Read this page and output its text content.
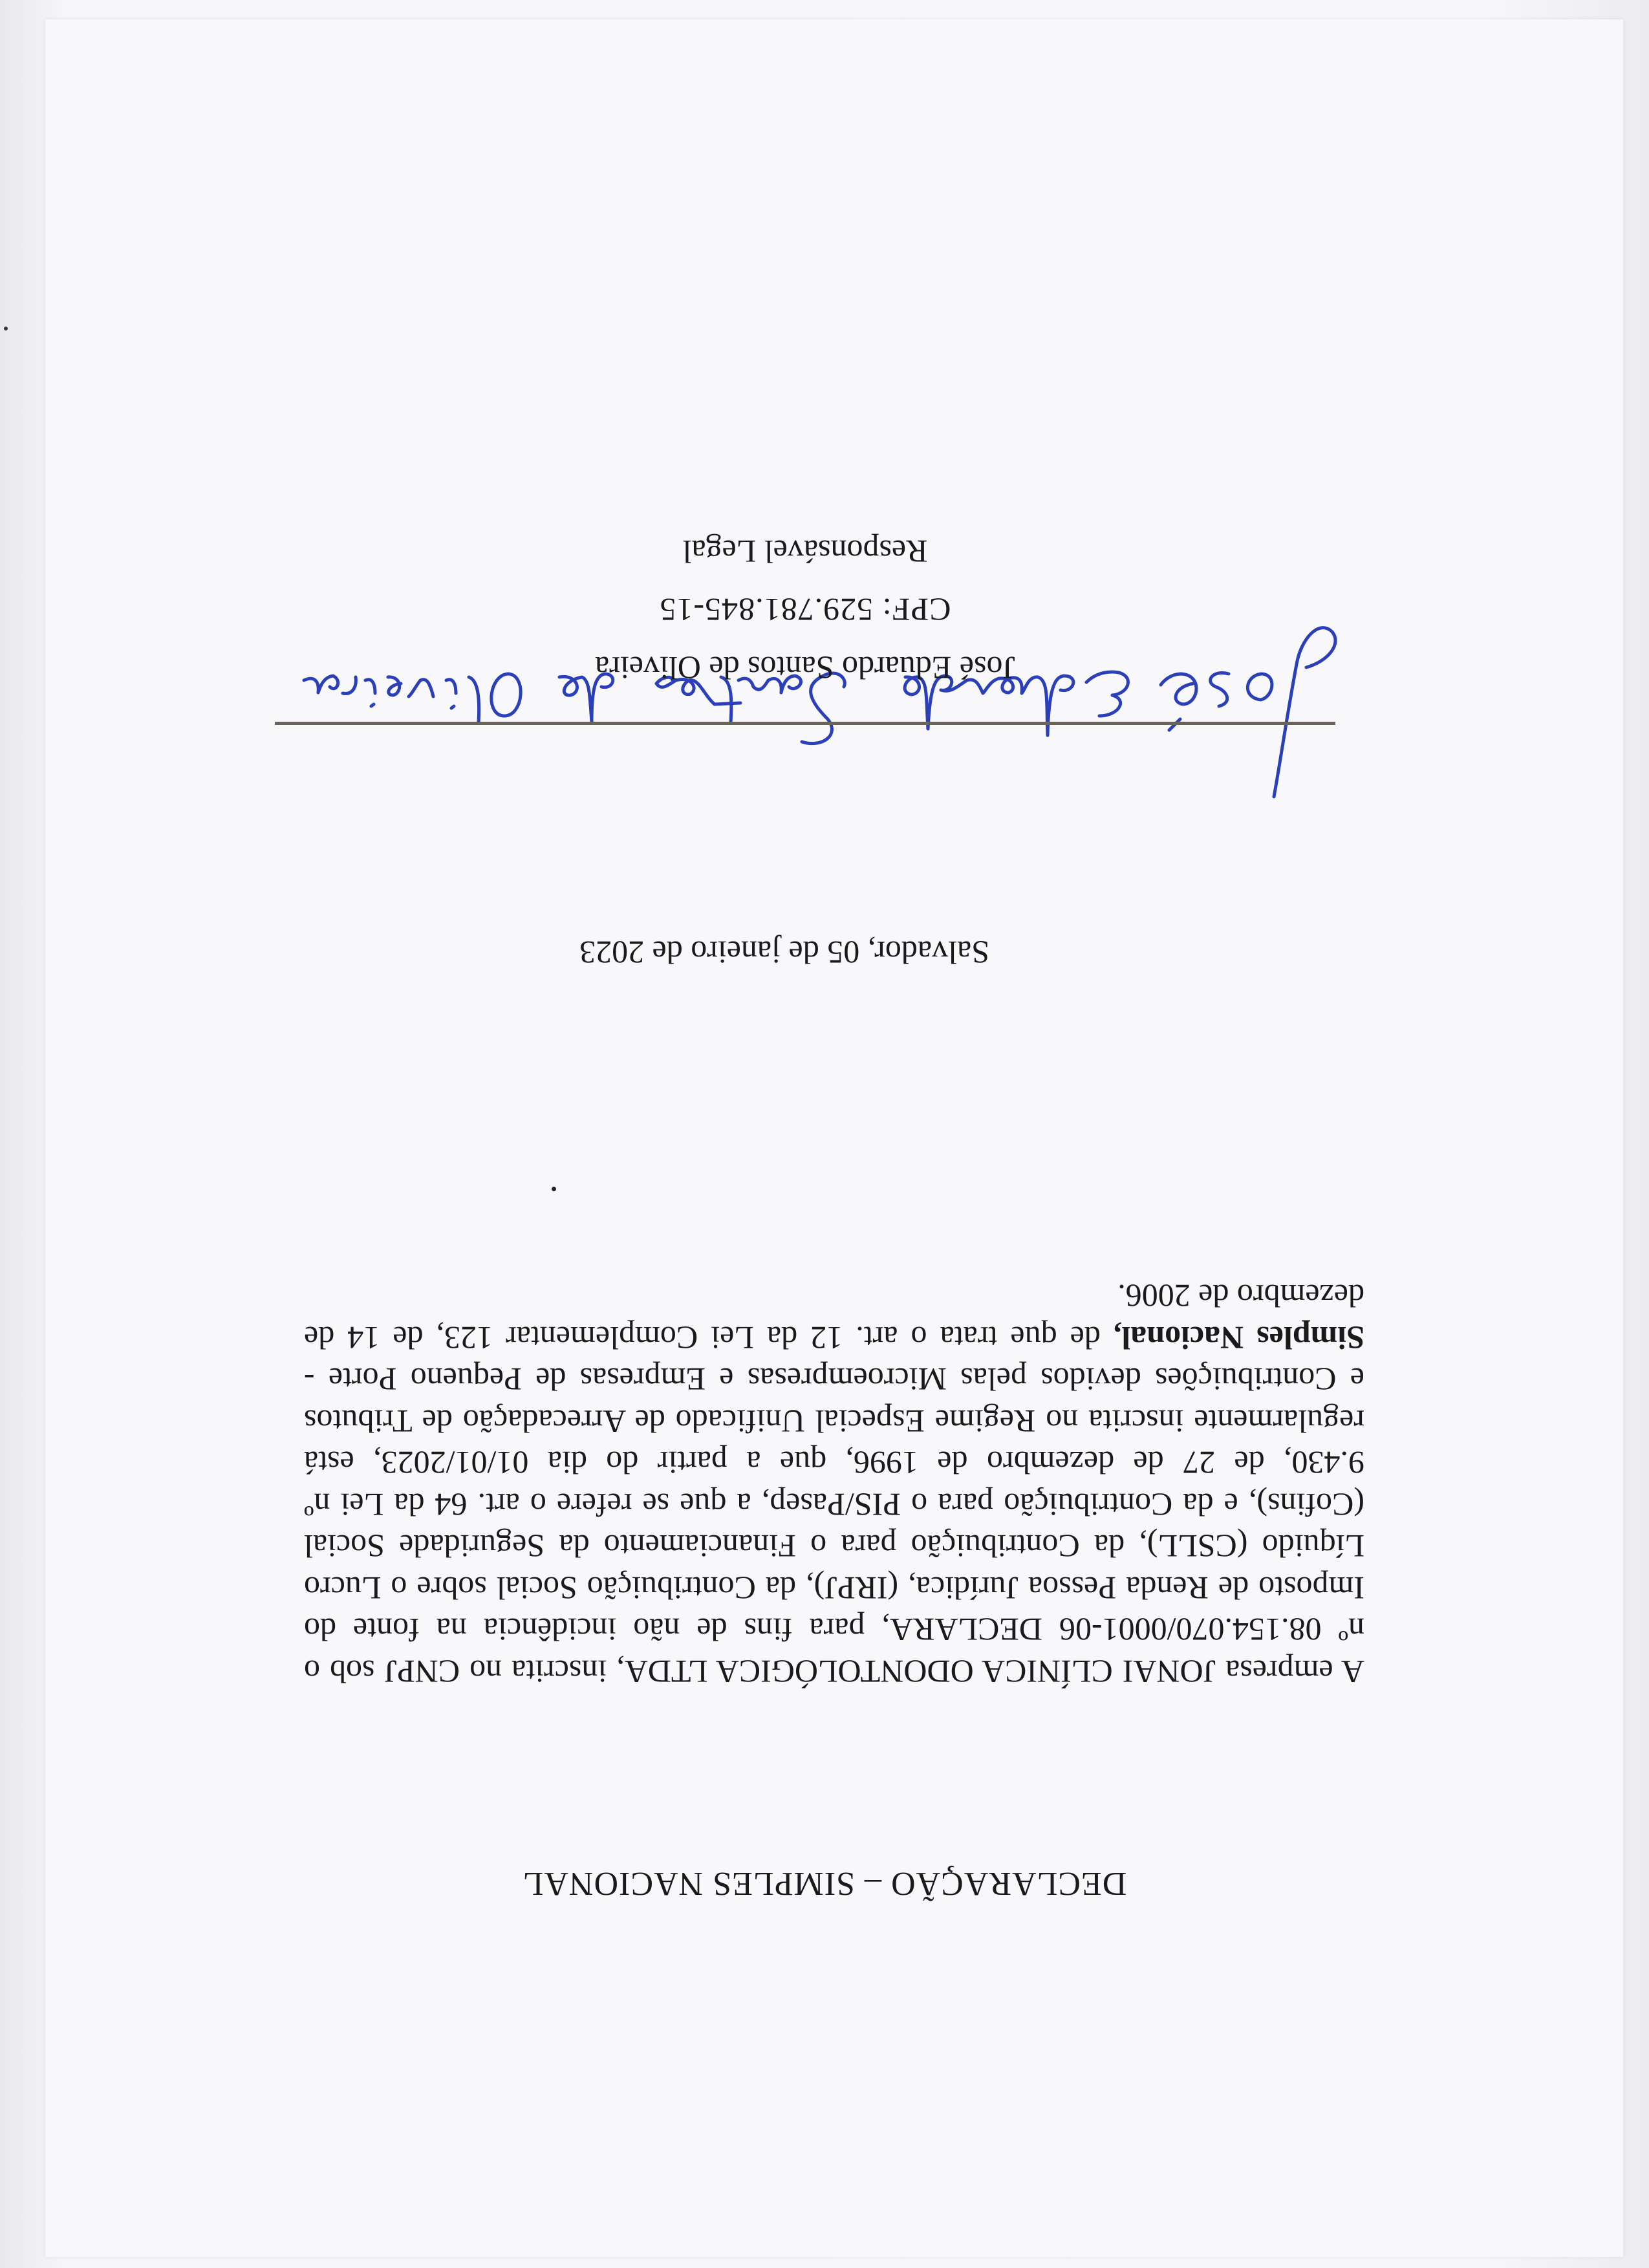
DECLARAÇÃO – SIMPLES NACIONAL

A empresa JONAI CLÍNICA ODONTOLÓGICA LTDA, inscrita no CNPJ sob o nº 08.154.070/0001-06 DECLARA, para fins de não incidência na fonte do Imposto de Renda Pessoa Jurídica, (IRPJ), da Contribuição Social sobre o Lucro Líquido (CSLL), da Contribuição para o Financiamento da Seguridade Social (Cofins), e da Contribuição para o PIS/Pasep, a que se refere o art. 64 da Lei nº 9.430, de 27 de dezembro de 1996, que a partir do dia 01/01/2023, está regularmente inscrita no Regime Especial Unificado de Arrecadação de Tributos e Contribuições devidos pelas Microempresas e Empresas de Pequeno Porte - Simples Nacional, de que trata o art. 12 da Lei Complementar 123, de 14 de dezembro de 2006.

Salvador, 05 de janeiro de 2023
José Eduardo Santos de Oliveira
CPF: 529.781.845-15
Responsável Legal
